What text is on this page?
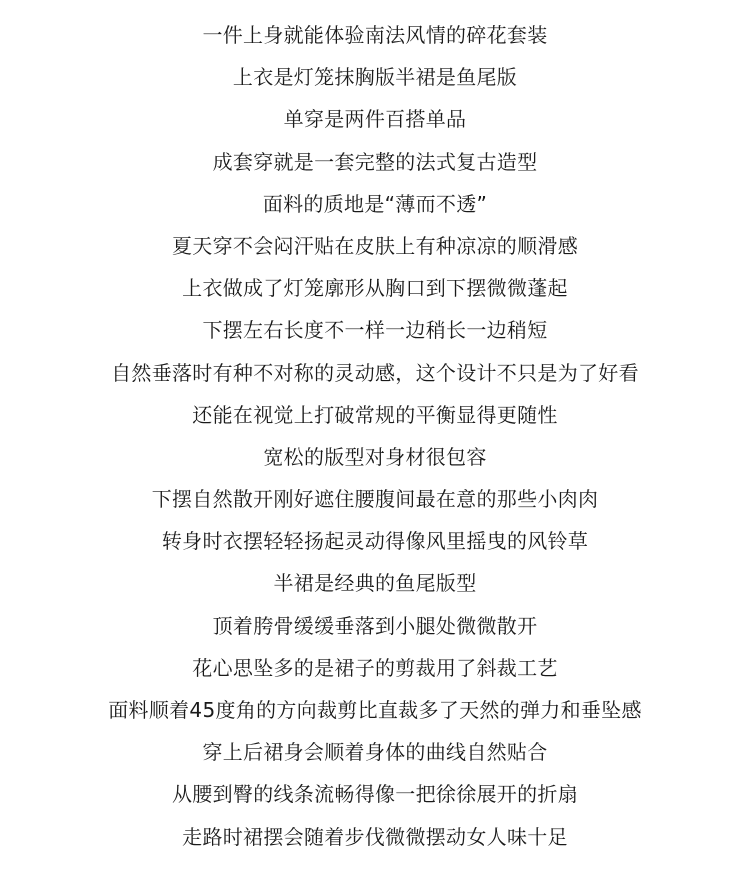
一件上身就能体验南法风情的碎花套装
上衣是灯笼抹胸版半裙是鱼尾版
单穿是两件百搭单品
成套穿就是一套完整的法式复古造型
面料的质地是“薄而不透”
夏天穿不会闷汗贴在皮肤上有种凉凉的顺滑感
上衣做成了灯笼廓形从胸口到下摆微微蓬起
下摆左右长度不一样一边稍长一边稍短
自然垂落时有种不对称的灵动感，这个设计不只是为了好看
还能在视觉上打破常规的平衡显得更随性
宽松的版型对身材很包容
下摆自然散开刚好遮住腰腹间最在意的那些小肉肉
转身时衣摆轻轻扬起灵动得像风里摇曳的风铃草
半裙是经典的鱼尾版型
顶着胯骨缓缓垂落到小腿处微微散开
花心思坠多的是裙子的剪裁用了斜裁工艺
面料顺着45度角的方向裁剪比直裁多了天然的弹力和垂坠感
穿上后裙身会顺着身体的曲线自然贴合
从腰到臀的线条流畅得像一把徐徐展开的折扇
走路时裙摆会随着步伐微微摆动女人味十足
